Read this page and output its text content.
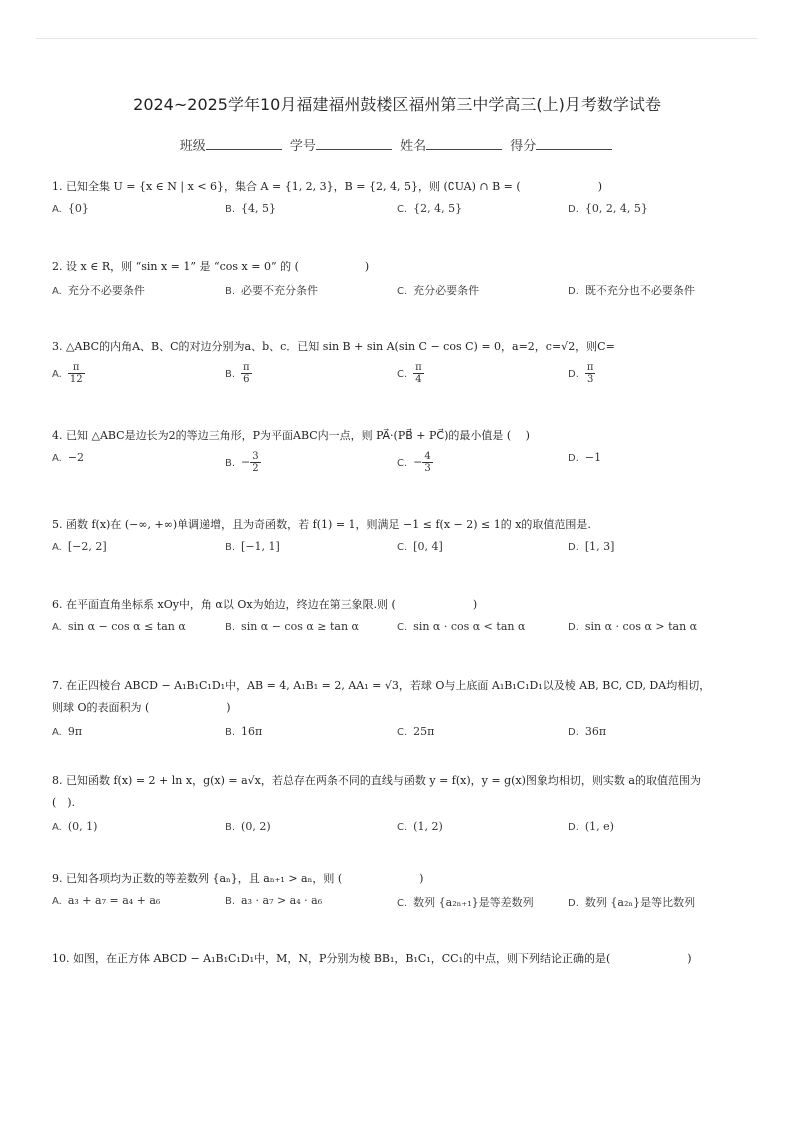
2024~2025学年10月福建福州鼓楼区福州第三中学高三(上)月考数学试卷
班级	学号	姓名	得分
1. 已知全集 U = {x ∈ N | x < 6}，集合 A = {1, 2, 3}，B = {2, 4, 5}，则 (∁UA) ∩ B = (　　　　　　　)
A. {0}	B. {4, 5}	C. {2, 4, 5}	D. {0, 2, 4, 5}
2. 设 x ∈ R，则 “sin x = 1” 是 “cos x = 0” 的 (　　　　　　)
A. 充分不必要条件	B. 必要不充分条件	C. 充分必要条件	D. 既不充分也不必要条件
3. △ABC的内角A、B、C的对边分别为a、b、c．已知 sin B + sin A(sin C − cos C) = 0，a=2，c=√2，则C=
A. $\frac{\pi}{12}$	B. $\frac{\pi}{6}$	C. $\frac{\pi}{4}$	D. $\frac{\pi}{3}$
4. 已知 △ABC是边长为2的等边三角形，P为平面ABC内一点，则 PA⃗·(PB⃗ + PC⃗)的最小值是 (　 )
A. −2	B. − $\frac{3}{2}$	C. − $\frac{4}{3}$	D. −1
5. 函数 f(x)在 (−∞, +∞)单调递增，且为奇函数，若 f(1) = 1，则满足 −1 ≤ f(x − 2) ≤ 1的 x的取值范围是.
A. [−2, 2]	B. [−1, 1]	C. [0, 4]	D. [1, 3]
6. 在平面直角坐标系 xOy中，角 α以 Ox为始边，终边在第三象限.则 (　　　　　　　)
A. sin α − cos α ≤ tan α	B. sin α − cos α ≥ tan α	C. sin α · cos α < tan α	D. sin α · cos α > tan α
7. 在正四棱台 ABCD − A₁B₁C₁D₁中，AB = 4, A₁B₁ = 2, AA₁ = √3，若球 O与上底面 A₁B₁C₁D₁以及棱 AB, BC, CD, DA均相切，则球 O的表面积为 (　　　　　　　)
A. 9π	B. 16π	C. 25π	D. 36π
8. 已知函数 f(x) = 2 + ln x，g(x) = a√x，若总存在两条不同的直线与函数 y = f(x)，y = g(x)图象均相切，则实数 a的取值范围为 (　).
A. (0, 1)	B. (0, 2)	C. (1, 2)	D. (1, e)
9. 已知各项均为正数的等差数列 {aₙ}，且 aₙ₊₁ > aₙ，则 (　　　　　　　)
A. a₃ + a₇ = a₄ + a₆	B. a₃ · a₇ > a₄ · a₆	C. 数列 {a₂ₙ₊₁}是等差数列	D. 数列 {a₂ₙ}是等比数列
10. 如图，在正方体 ABCD − A₁B₁C₁D₁中，M，N，P分别为棱 BB₁，B₁C₁，CC₁的中点，则下列结论正确的是(　　　　　　　)
